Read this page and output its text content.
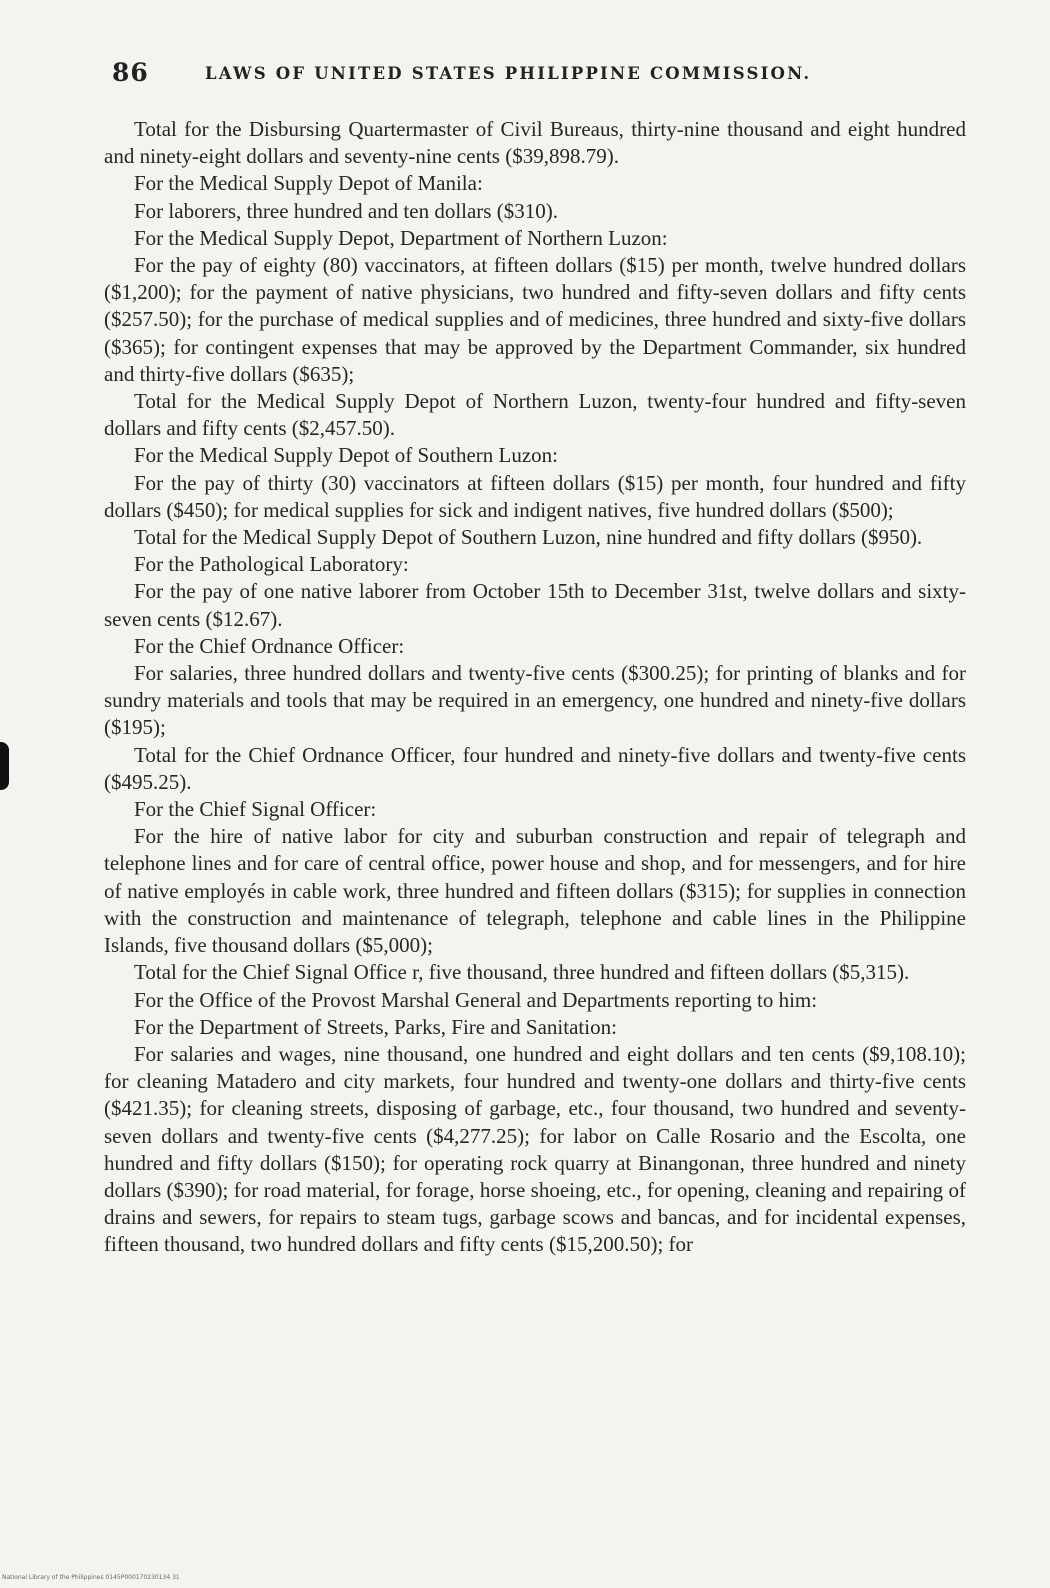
86	LAWS OF UNITED STATES PHILIPPINE COMMISSION.

Total for the Disbursing Quartermaster of Civil Bureaus, thirty-nine thousand and eight hundred and ninety-eight dollars and seventy-nine cents ($39,898.79).

For the Medical Supply Depot of Manila:

For laborers, three hundred and ten dollars ($310).

For the Medical Supply Depot, Department of Northern Luzon:

For the pay of eighty (80) vaccinators, at fifteen dollars ($15) per month, twelve hundred dollars ($1,200); for the payment of native physicians, two hundred and fifty-seven dollars and fifty cents ($257.50); for the purchase of medical supplies and of medicines, three hundred and sixty-five dollars ($365); for contingent expenses that may be approved by the Department Commander, six hundred and thirty-five dollars ($635);

Total for the Medical Supply Depot of Northern Luzon, twenty-four hundred and fifty-seven dollars and fifty cents ($2,457.50).

For the Medical Supply Depot of Southern Luzon:

For the pay of thirty (30) vaccinators at fifteen dollars ($15) per month, four hundred and fifty dollars ($450); for medical supplies for sick and indigent natives, five hundred dollars ($500);

Total for the Medical Supply Depot of Southern Luzon, nine hundred and fifty dollars ($950).

For the Pathological Laboratory:

For the pay of one native laborer from October 15th to December 31st, twelve dollars and sixty-seven cents ($12.67).

For the Chief Ordnance Officer:

For salaries, three hundred dollars and twenty-five cents ($300.25); for printing of blanks and for sundry materials and tools that may be required in an emergency, one hundred and ninety-five dollars ($195);

Total for the Chief Ordnance Officer, four hundred and ninety-five dollars and twenty-five cents ($495.25).

For the Chief Signal Officer:

For the hire of native labor for city and suburban construction and repair of telegraph and telephone lines and for care of central office, power house and shop, and for messengers, and for hire of native employés in cable work, three hundred and fifteen dollars ($315); for supplies in connection with the construction and maintenance of telegraph, telephone and cable lines in the Philippine Islands, five thousand dollars ($5,000);

Total for the Chief Signal Office r, five thousand, three hundred and fifteen dollars ($5,315).

For the Office of the Provost Marshal General and Departments reporting to him:

For the Department of Streets, Parks, Fire and Sanitation:

For salaries and wages, nine thousand, one hundred and eight dollars and ten cents ($9,108.10); for cleaning Matadero and city markets, four hundred and twenty-one dollars and thirty-five cents ($421.35); for cleaning streets, disposing of garbage, etc., four thousand, two hundred and seventy-seven dollars and twenty-five cents ($4,277.25); for labor on Calle Rosario and the Escolta, one hundred and fifty dollars ($150); for operating rock quarry at Binangonan, three hundred and ninety dollars ($390); for road material, for forage, horse shoeing, etc., for opening, cleaning and repairing of drains and sewers, for repairs to steam tugs, garbage scows and bancas, and for incidental expenses, fifteen thousand, two hundred dollars and fifty cents ($15,200.50); for

National Library of the Philippines 0145P000170230134 31
